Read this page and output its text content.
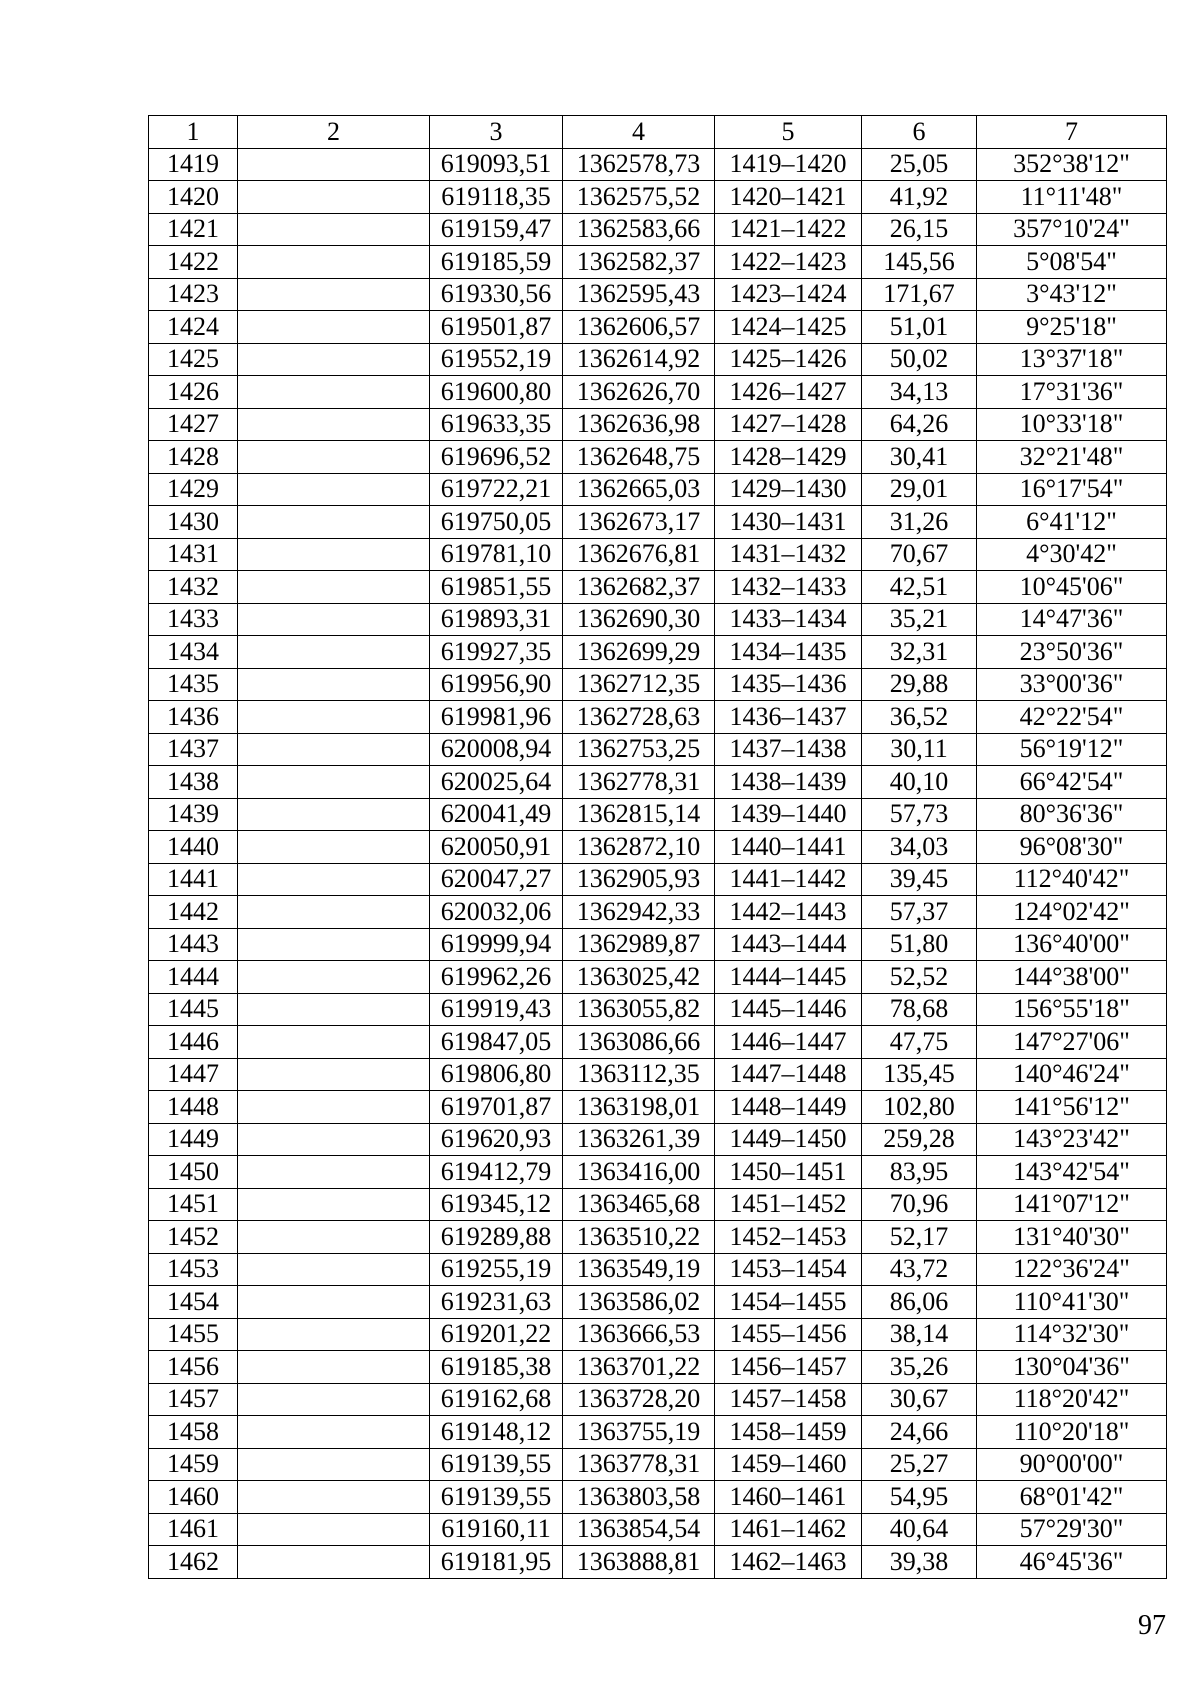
1	2	3	4	5	6	7
1419		619093,51	1362578,73	1419–1420	25,05	352°38'12"
1420		619118,35	1362575,52	1420–1421	41,92	11°11'48"
1421		619159,47	1362583,66	1421–1422	26,15	357°10'24"
1422		619185,59	1362582,37	1422–1423	145,56	5°08'54"
1423		619330,56	1362595,43	1423–1424	171,67	3°43'12"
1424		619501,87	1362606,57	1424–1425	51,01	9°25'18"
1425		619552,19	1362614,92	1425–1426	50,02	13°37'18"
1426		619600,80	1362626,70	1426–1427	34,13	17°31'36"
1427		619633,35	1362636,98	1427–1428	64,26	10°33'18"
1428		619696,52	1362648,75	1428–1429	30,41	32°21'48"
1429		619722,21	1362665,03	1429–1430	29,01	16°17'54"
1430		619750,05	1362673,17	1430–1431	31,26	6°41'12"
1431		619781,10	1362676,81	1431–1432	70,67	4°30'42"
1432		619851,55	1362682,37	1432–1433	42,51	10°45'06"
1433		619893,31	1362690,30	1433–1434	35,21	14°47'36"
1434		619927,35	1362699,29	1434–1435	32,31	23°50'36"
1435		619956,90	1362712,35	1435–1436	29,88	33°00'36"
1436		619981,96	1362728,63	1436–1437	36,52	42°22'54"
1437		620008,94	1362753,25	1437–1438	30,11	56°19'12"
1438		620025,64	1362778,31	1438–1439	40,10	66°42'54"
1439		620041,49	1362815,14	1439–1440	57,73	80°36'36"
1440		620050,91	1362872,10	1440–1441	34,03	96°08'30"
1441		620047,27	1362905,93	1441–1442	39,45	112°40'42"
1442		620032,06	1362942,33	1442–1443	57,37	124°02'42"
1443		619999,94	1362989,87	1443–1444	51,80	136°40'00"
1444		619962,26	1363025,42	1444–1445	52,52	144°38'00"
1445		619919,43	1363055,82	1445–1446	78,68	156°55'18"
1446		619847,05	1363086,66	1446–1447	47,75	147°27'06"
1447		619806,80	1363112,35	1447–1448	135,45	140°46'24"
1448		619701,87	1363198,01	1448–1449	102,80	141°56'12"
1449		619620,93	1363261,39	1449–1450	259,28	143°23'42"
1450		619412,79	1363416,00	1450–1451	83,95	143°42'54"
1451		619345,12	1363465,68	1451–1452	70,96	141°07'12"
1452		619289,88	1363510,22	1452–1453	52,17	131°40'30"
1453		619255,19	1363549,19	1453–1454	43,72	122°36'24"
1454		619231,63	1363586,02	1454–1455	86,06	110°41'30"
1455		619201,22	1363666,53	1455–1456	38,14	114°32'30"
1456		619185,38	1363701,22	1456–1457	35,26	130°04'36"
1457		619162,68	1363728,20	1457–1458	30,67	118°20'42"
1458		619148,12	1363755,19	1458–1459	24,66	110°20'18"
1459		619139,55	1363778,31	1459–1460	25,27	90°00'00"
1460		619139,55	1363803,58	1460–1461	54,95	68°01'42"
1461		619160,11	1363854,54	1461–1462	40,64	57°29'30"
1462		619181,95	1363888,81	1462–1463	39,38	46°45'36"
97
